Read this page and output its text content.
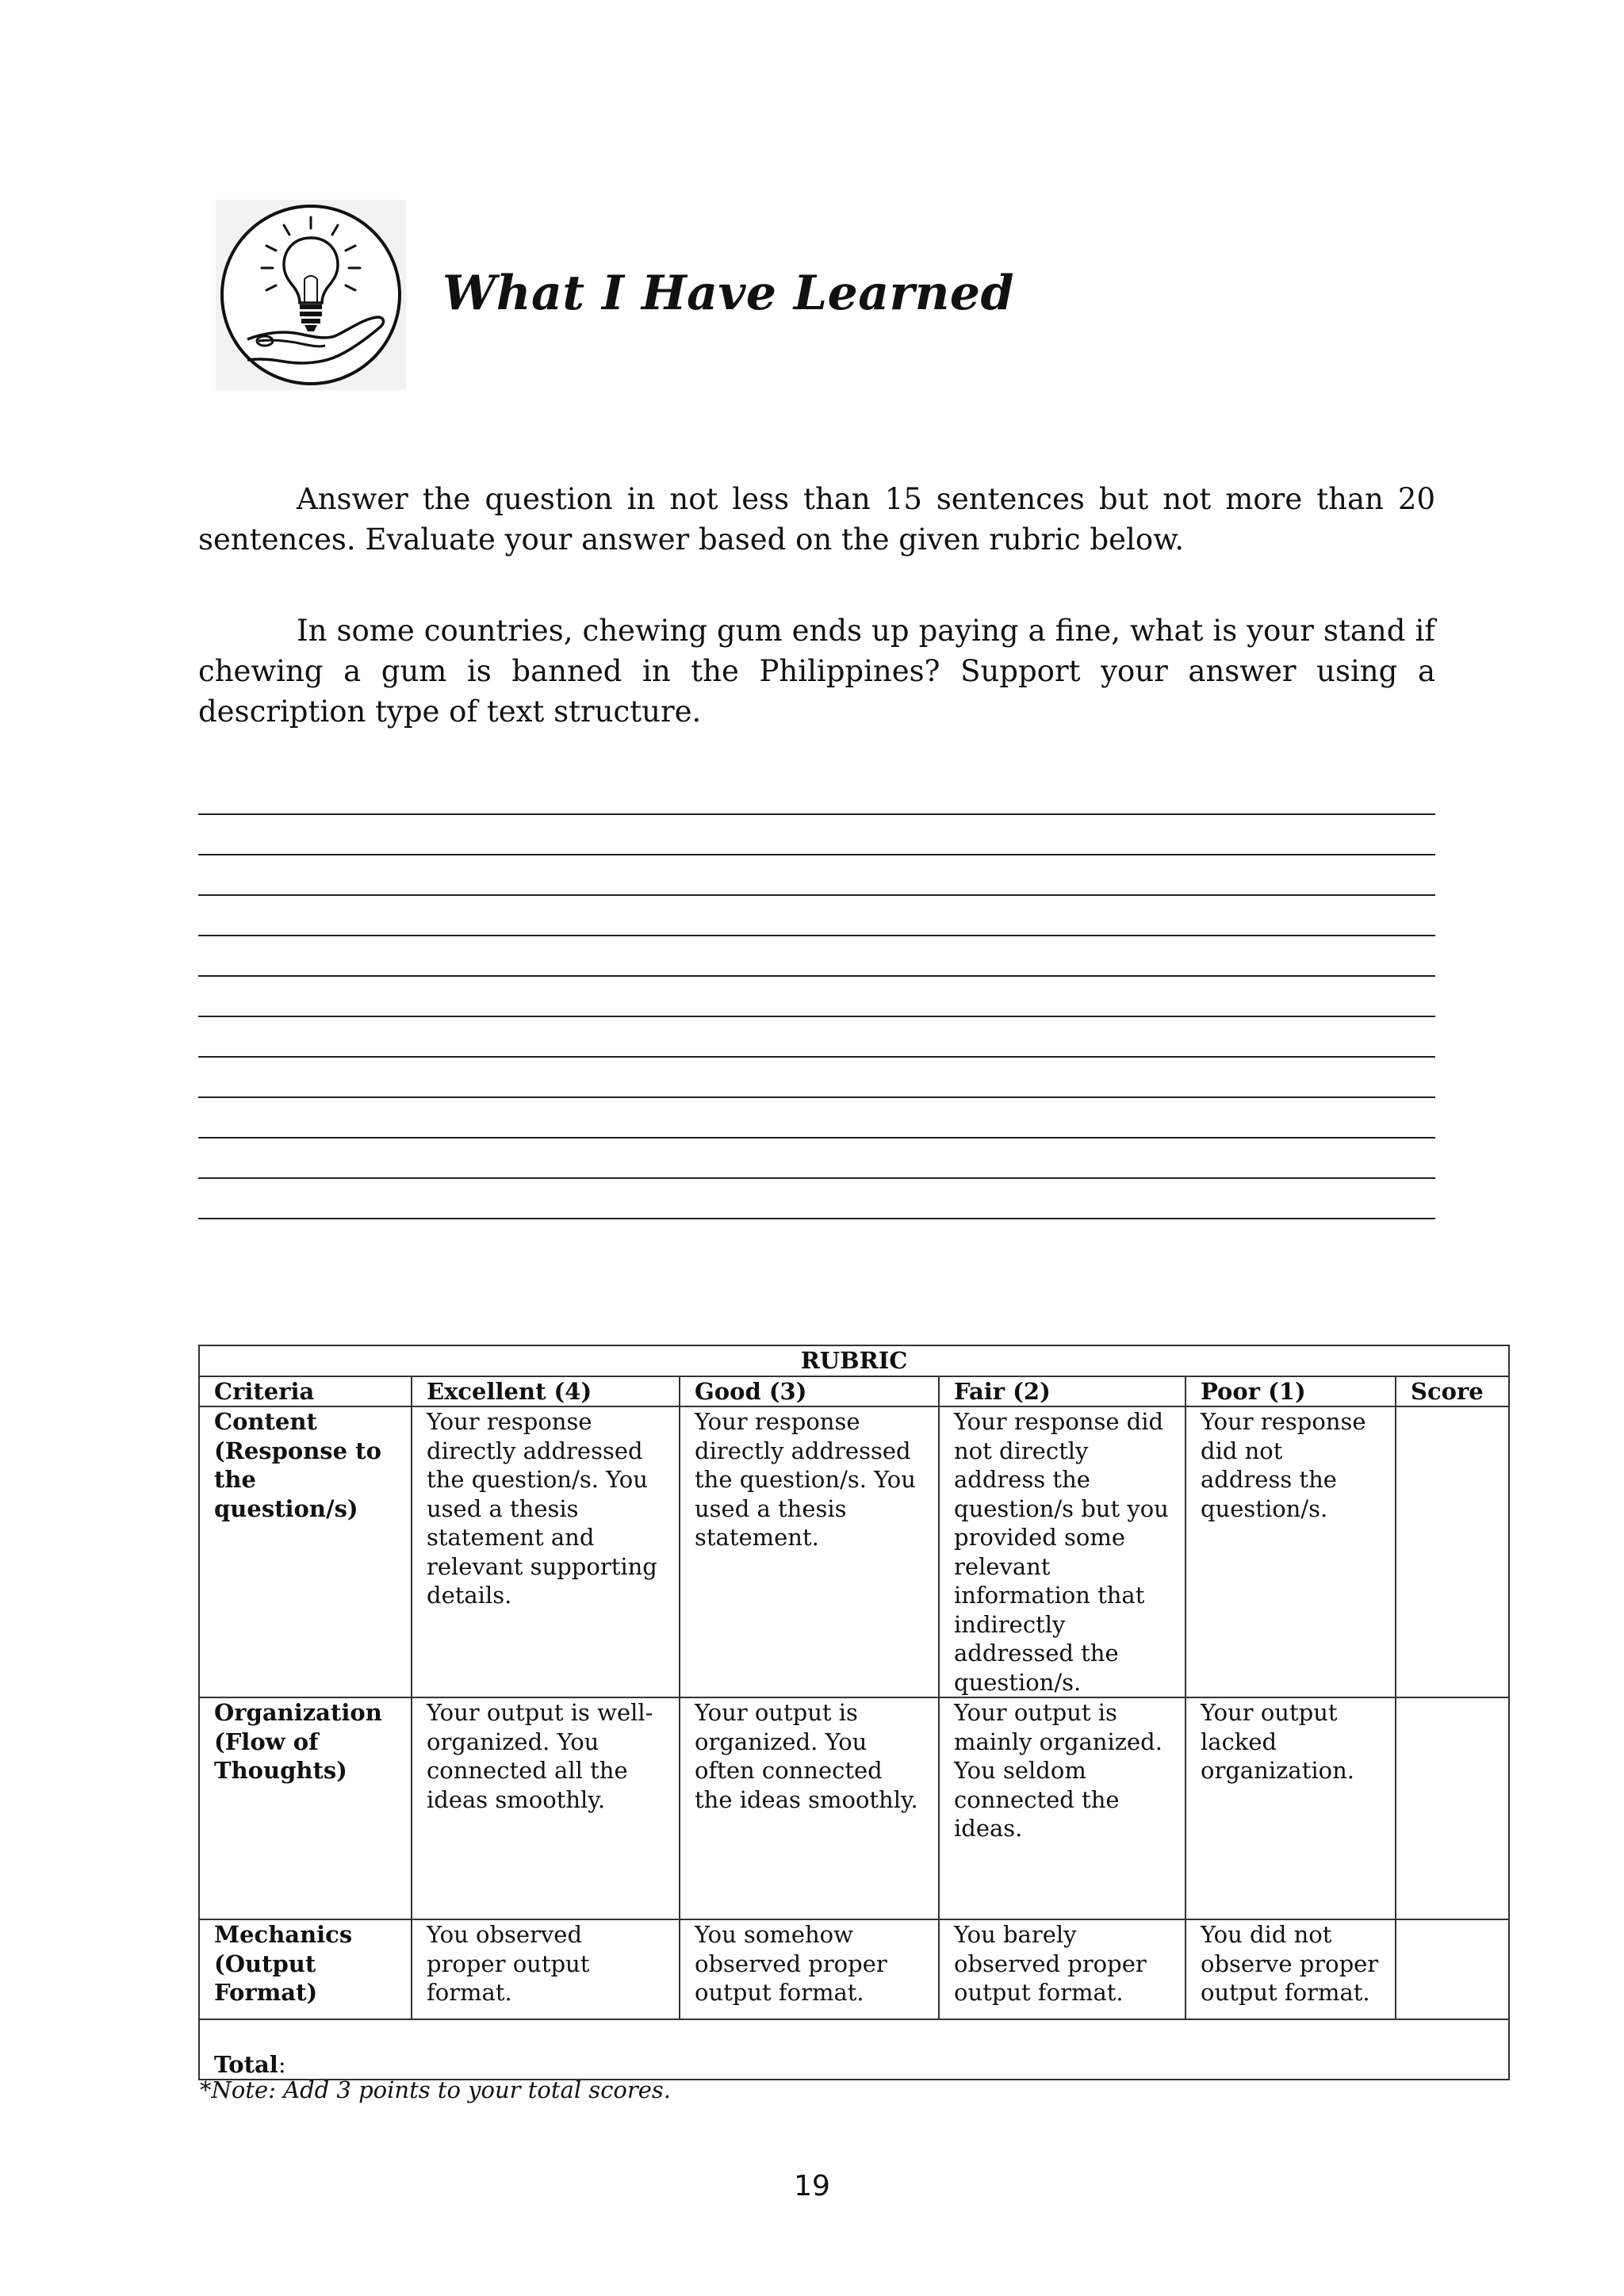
What I Have Learned

Answer the question in not less than 15 sentences but not more than 20 sentences. Evaluate your answer based on the given rubric below.

In some countries, chewing gum ends up paying a fine, what is your stand if chewing a gum is banned in the Philippines? Support your answer using a description type of text structure.

RUBRIC					
Criteria	Excellent (4)	Good (3)	Fair (2)	Poor (1)	Score
Content (Response to the question/s)	Your response directly addressed the question/s. You used a thesis statement and relevant supporting details.	Your response directly addressed the question/s. You used a thesis statement.	Your response did not directly address the question/s but you provided some relevant information that indirectly addressed the question/s.	Your response did not address the question/s.	
Organization (Flow of Thoughts)	Your output is well-organized. You connected all the ideas smoothly.	Your output is organized. You often connected the ideas smoothly.	Your output is mainly organized. You seldom connected the ideas.	Your output lacked organization.	
Mechanics (Output Format)	You observed proper output format.	You somehow observed proper output format.	You barely observed proper output format.	You did not observe proper output format.	
Total:					
*Note: Add 3 points to your total scores.
19
